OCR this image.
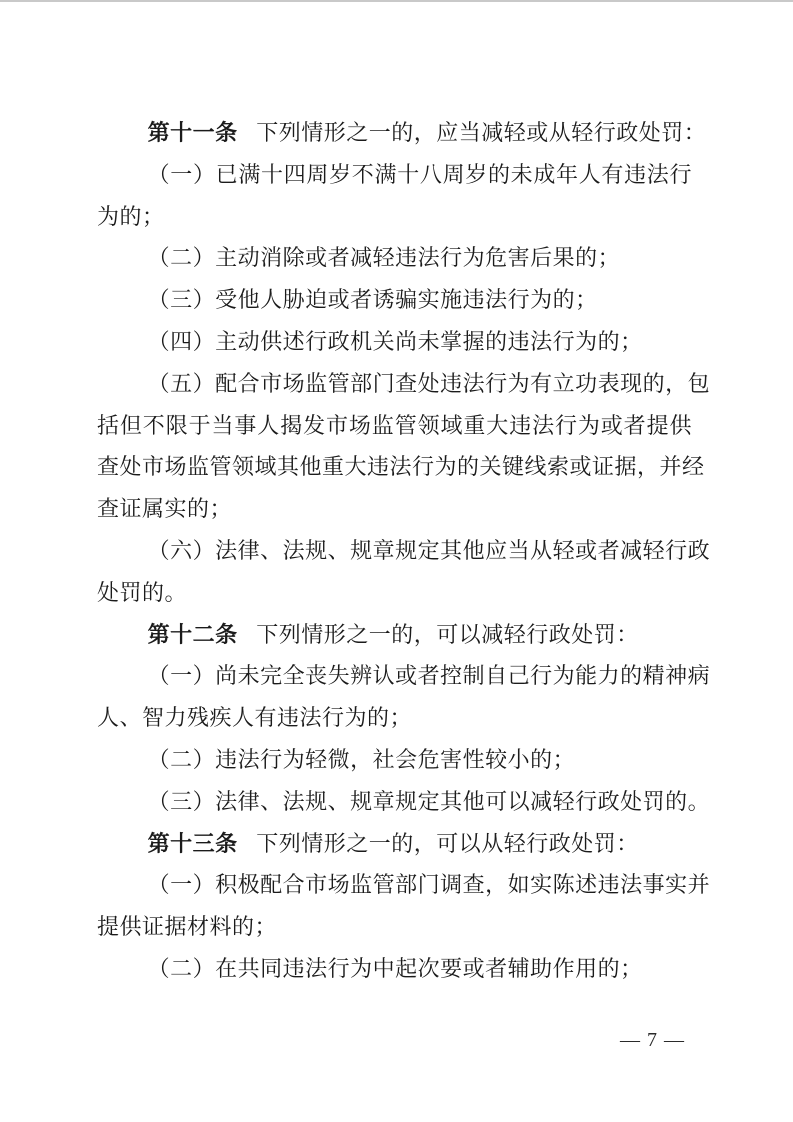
第十一条 下列情形之一的，应当减轻或从轻行政处罚：
（一）已满十四周岁不满十八周岁的未成年人有违法行
为的；
（二）主动消除或者减轻违法行为危害后果的；
（三）受他人胁迫或者诱骗实施违法行为的；
（四）主动供述行政机关尚未掌握的违法行为的；
（五）配合市场监管部门查处违法行为有立功表现的，包
括但不限于当事人揭发市场监管领域重大违法行为或者提供
查处市场监管领域其他重大违法行为的关键线索或证据，并经
查证属实的；
（六）法律、法规、规章规定其他应当从轻或者减轻行政
处罚的。
第十二条 下列情形之一的，可以减轻行政处罚：
（一）尚未完全丧失辨认或者控制自己行为能力的精神病
人、智力残疾人有违法行为的；
（二）违法行为轻微，社会危害性较小的；
（三）法律、法规、规章规定其他可以减轻行政处罚的。
第十三条 下列情形之一的，可以从轻行政处罚：
（一）积极配合市场监管部门调查，如实陈述违法事实并
提供证据材料的；
（二）在共同违法行为中起次要或者辅助作用的；
— 7 —
